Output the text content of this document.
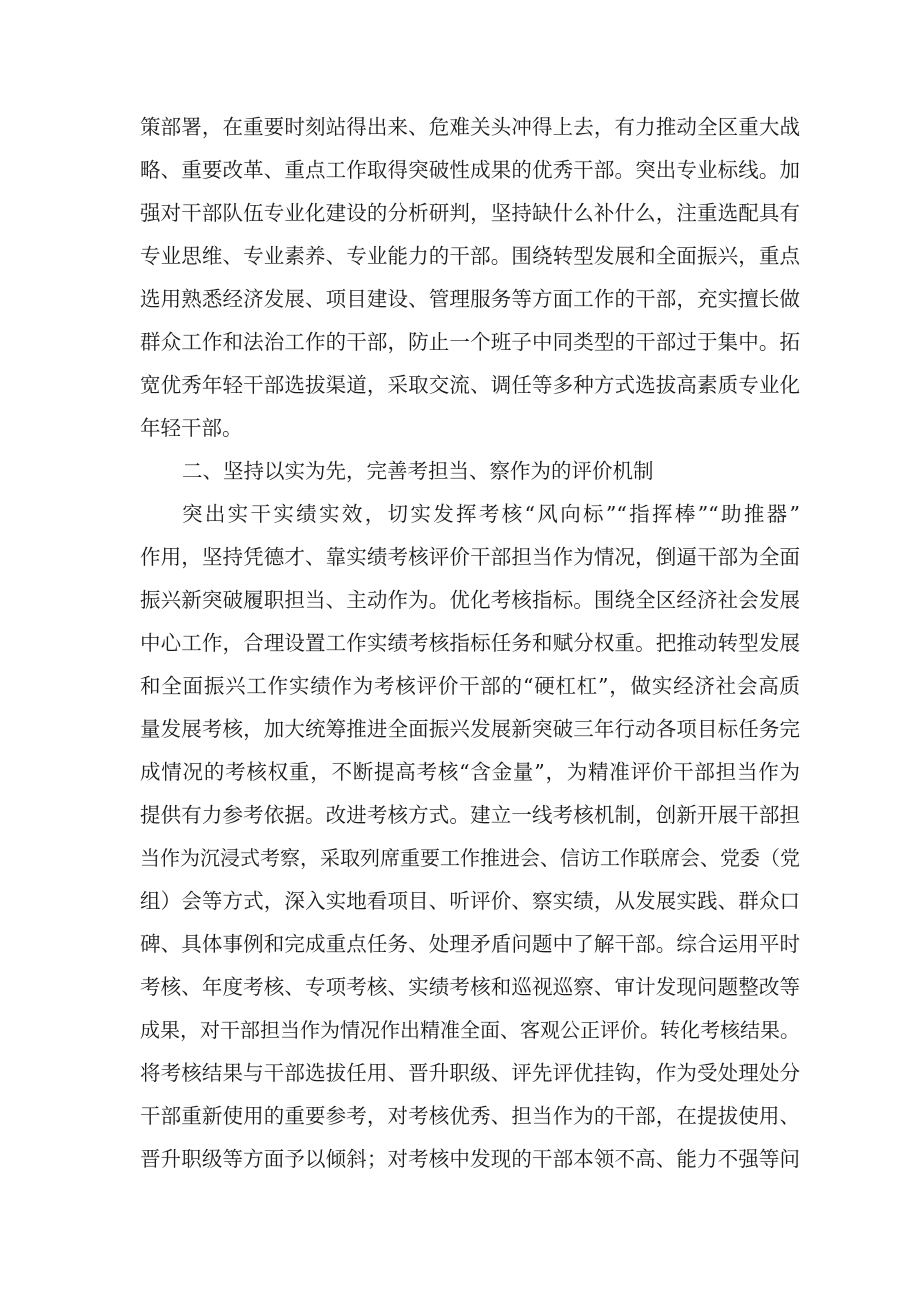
策部署，在重要时刻站得出来、危难关头冲得上去，有力推动全区重大战
略、重要改革、重点工作取得突破性成果的优秀干部。突出专业标线。加
强对干部队伍专业化建设的分析研判，坚持缺什么补什么，注重选配具有
专业思维、专业素养、专业能力的干部。围绕转型发展和全面振兴，重点
选用熟悉经济发展、项目建设、管理服务等方面工作的干部，充实擅长做
群众工作和法治工作的干部，防止一个班子中同类型的干部过于集中。拓
宽优秀年轻干部选拔渠道，采取交流、调任等多种方式选拔高素质专业化
年轻干部。
二、坚持以实为先，完善考担当、察作为的评价机制
突出实干实绩实效，切实发挥考核“风向标”“指挥棒”“助推器”
作用，坚持凭德才、靠实绩考核评价干部担当作为情况，倒逼干部为全面
振兴新突破履职担当、主动作为。优化考核指标。围绕全区经济社会发展
中心工作，合理设置工作实绩考核指标任务和赋分权重。把推动转型发展
和全面振兴工作实绩作为考核评价干部的“硬杠杠”，做实经济社会高质
量发展考核，加大统筹推进全面振兴发展新突破三年行动各项目标任务完
成情况的考核权重，不断提高考核“含金量”，为精准评价干部担当作为
提供有力参考依据。改进考核方式。建立一线考核机制，创新开展干部担
当作为沉浸式考察，采取列席重要工作推进会、信访工作联席会、党委（党
组）会等方式，深入实地看项目、听评价、察实绩，从发展实践、群众口
碑、具体事例和完成重点任务、处理矛盾问题中了解干部。综合运用平时
考核、年度考核、专项考核、实绩考核和巡视巡察、审计发现问题整改等
成果，对干部担当作为情况作出精准全面、客观公正评价。转化考核结果。
将考核结果与干部选拔任用、晋升职级、评先评优挂钩，作为受处理处分
干部重新使用的重要参考，对考核优秀、担当作为的干部，在提拔使用、
晋升职级等方面予以倾斜；对考核中发现的干部本领不高、能力不强等问
